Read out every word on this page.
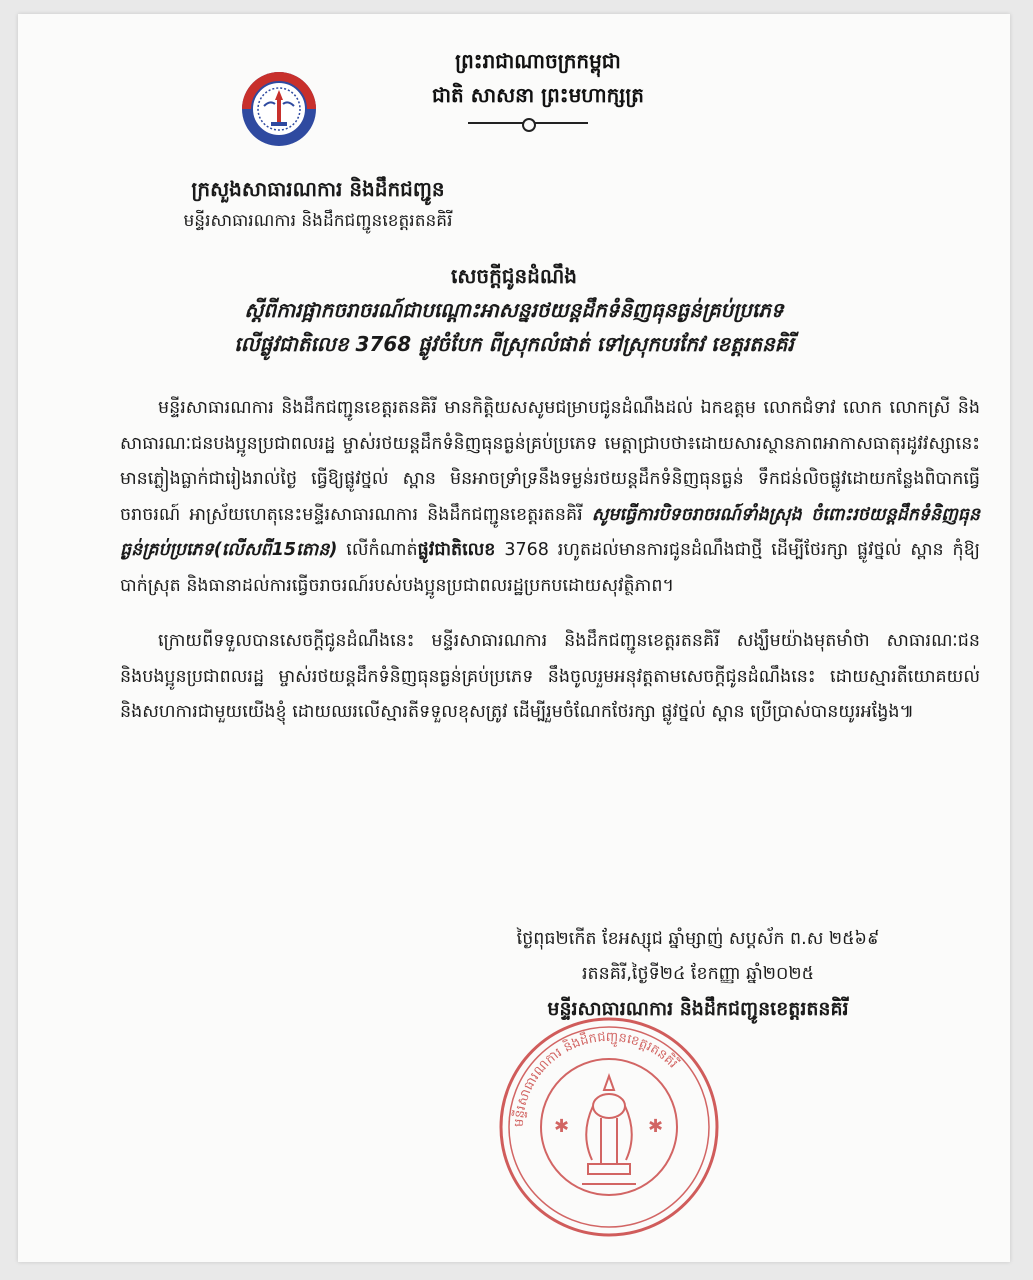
ព្រះរាជាណាចក្រកម្ពុជា
ជាតិ សាសនា ព្រះមហាក្សត្រ
ក្រសួងសាធារណការ និងដឹកជញ្ជូន
មន្ទីរសាធារណការ និងដឹកជញ្ជូនខេត្តរតនគិរី
សេចក្តីជូនដំណឹង
ស្តីពីការផ្អាកចរាចរណ៍ជាបណ្តោះអាសន្នរថយន្តដឹកទំនិញធុនធ្ងន់គ្រប់ប្រភេទ
លើផ្លូវជាតិលេខ 3768 ផ្លូវចំបែក ពីស្រុកលំផាត់ ទៅស្រុកបរកែវ ខេត្តរតនគិរី

មន្ទីរសាធារណការ និងដឹកជញ្ជូនខេត្តរតនគិរី មានកិត្តិយសសូមជម្រាបជូនដំណឹងដល់ ឯកឧត្តម លោកជំទាវ លោក លោកស្រី និង សាធារណៈជនបងប្អូនប្រជាពលរដ្ឋ ម្ចាស់រថយន្តដឹកទំនិញធុនធ្ងន់គ្រប់ប្រភេទ មេត្តាជ្រាបថា៖ដោយសារស្ថានភាពអាកាសធាតុរដូវវស្សានេះមានភ្លៀងធ្លាក់ជារៀងរាល់ថ្ងៃ ធ្វើឱ្យផ្លូវថ្នល់ ស្ពាន មិនអាចទ្រាំទ្រនឹងទម្ងន់រថយន្តដឹកទំនិញធុនធ្ងន់ ទឹកជន់លិចផ្លូវដោយកន្លែងពិបាកធ្វើចរាចរណ៍ អាស្រ័យហេតុនេះមន្ទីរសាធារណការ និងដឹកជញ្ជូនខេត្តរតនគិរី សូមធ្វើការបិទចរាចរណ៍ទាំងស្រុង ចំពោះរថយន្តដឹកទំនិញធុនធ្ងន់គ្រប់ប្រភេទ(លើសពី15តោន) លើកំណាត់ផ្លូវជាតិលេខ 3768 រហូតដល់មានការជូនដំណឹងជាថ្មី ដើម្បីថែរក្សា ផ្លូវថ្នល់ ស្ពាន កុំឱ្យបាក់ស្រុត និងធានាដល់ការធ្វើចរាចរណ៍របស់បងប្អូនប្រជាពលរដ្ឋប្រកបដោយសុវត្ថិភាព។

ក្រោយពីទទួលបានសេចក្តីជូនដំណឹងនេះ មន្ទីរសាធារណការ និងដឹកជញ្ជូនខេត្តរតនគិរី សង្ឃឹមយ៉ាងមុតមាំថា សាធារណៈជន និងបងប្អូនប្រជាពលរដ្ឋ ម្ចាស់រថយន្តដឹកទំនិញធុនធ្ងន់គ្រប់ប្រភេទ នឹងចូលរួមអនុវត្តតាមសេចក្តីជូនដំណឹងនេះ ដោយស្មារតីយោគយល់ និងសហការជាមួយយើងខ្ញុំ ដោយឈរលើស្មារតីទទួលខុសត្រូវ ដើម្បីរួមចំណែកថែរក្សា ផ្លូវថ្នល់ ស្ពាន ប្រើប្រាស់បានយូរអង្វែង៕

ថ្ងៃពុធ២កើត ខែអស្សុជ ឆ្នាំម្សាញ់ សប្តស័ក ព.ស ២៥៦៩
រតនគិរី,ថ្ងៃទី២៤ ខែកញ្ញា ឆ្នាំ២០២៥
មន្ទីរសាធារណការ និងដឹកជញ្ជូនខេត្តរតនគិរី
មន្ទីរសាធារណការ និងដឹកជញ្ជូនខេត្តរតនគិរី
✱	✱
